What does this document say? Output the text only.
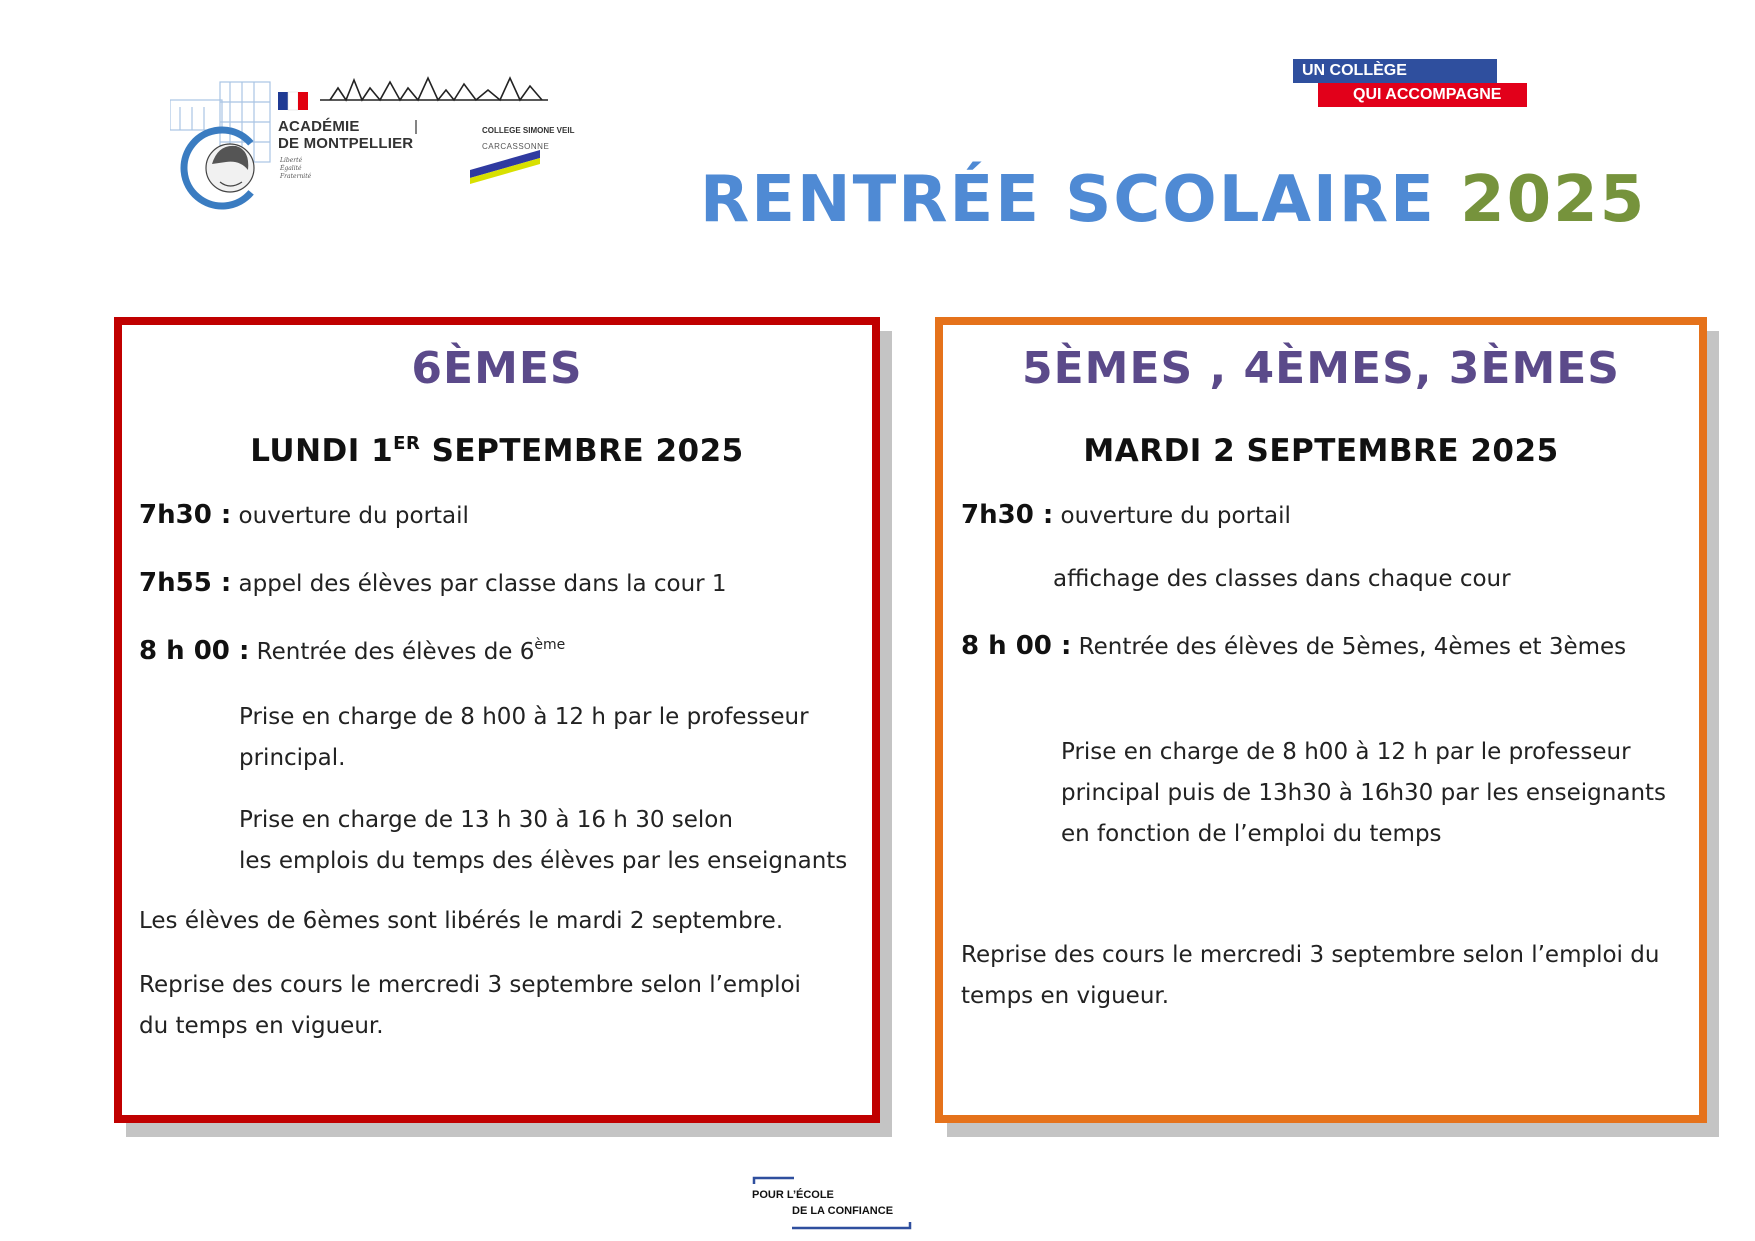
ACADÉMIE
DE MONTPELLIER
Liberté
Égalité
Fraternité
COLLEGE SIMONE VEIL
CARCASSONNE
UN COLLÈGE
QUI ACCOMPAGNE
RENTRÉE SCOLAIRE 2025
6ÈMES
LUNDI 1ER SEPTEMBRE 2025
7h30 : ouverture du portail
7h55 : appel des élèves par classe dans la cour 1
8 h 00 : Rentrée des élèves de 6ème
Prise en charge de 8 h00 à 12 h par le professeur
principal.
Prise en charge de 13 h 30 à 16 h 30 selon
les emplois du temps des élèves par les enseignants
Les élèves de 6èmes sont libérés le mardi 2 septembre.
Reprise des cours le mercredi 3 septembre selon l’emploi
du temps en vigueur.
5ÈMES , 4ÈMES, 3ÈMES
MARDI 2 SEPTEMBRE 2025
7h30 : ouverture du portail
affichage des classes dans chaque cour
8 h 00 : Rentrée des élèves de 5èmes, 4èmes et 3èmes
Prise en charge de 8 h00 à 12 h par le professeur
principal puis de 13h30 à 16h30 par les enseignants
en fonction de l’emploi du temps
Reprise des cours le mercredi 3 septembre selon l’emploi du
temps en vigueur.
POUR L’ÉCOLE
DE LA CONFIANCE
